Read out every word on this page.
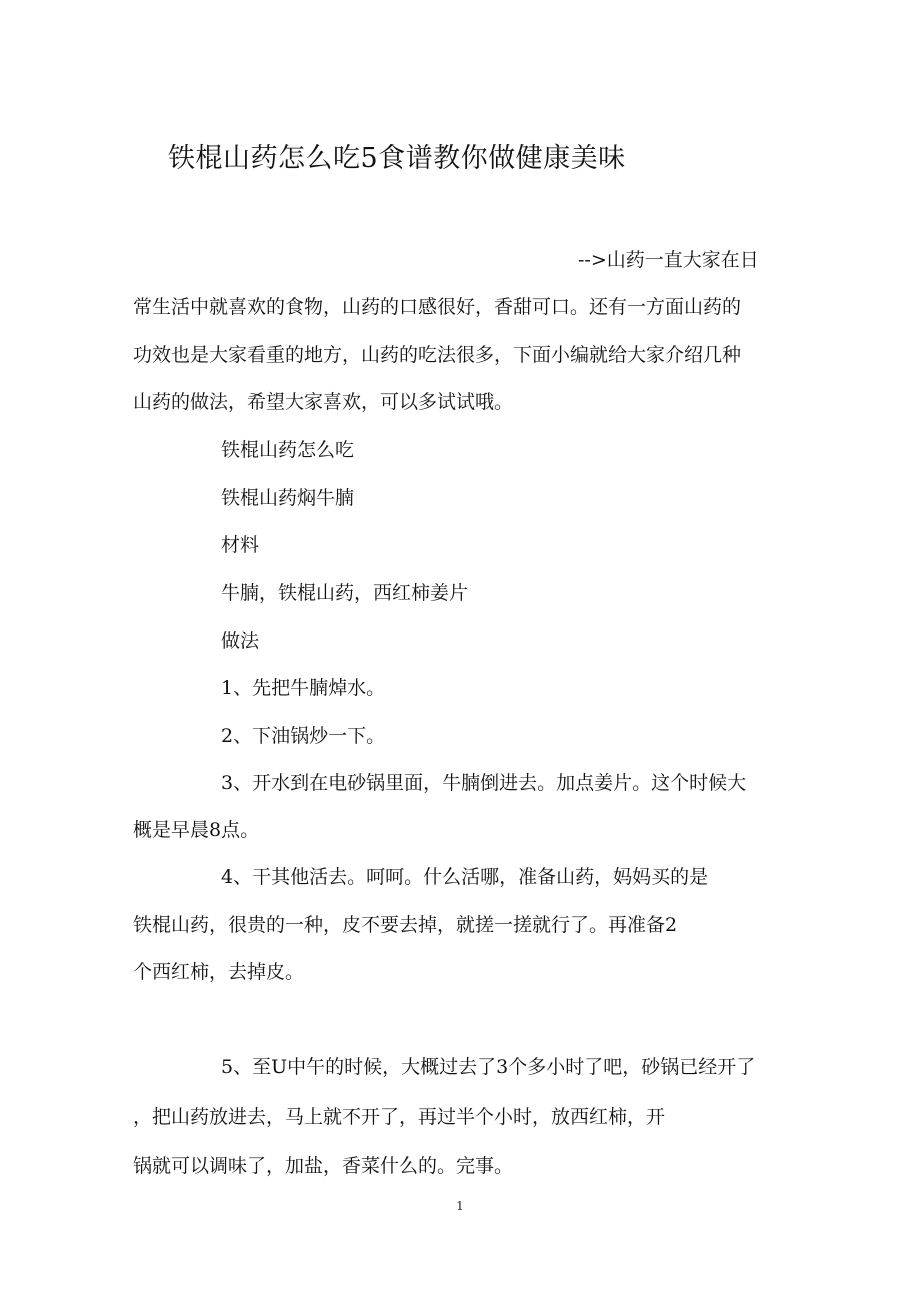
铁棍山药怎么吃5食谱教你做健康美味
-->山药一直大家在日
常生活中就喜欢的食物，山药的口感很好，香甜可口。还有一方面山药的
功效也是大家看重的地方，山药的吃法很多，下面小编就给大家介绍几种
山药的做法，希望大家喜欢，可以多试试哦。
铁棍山药怎么吃
铁棍山药焖牛腩
材料
牛腩，铁棍山药，西红柿姜片
做法
1、先把牛腩焯水。
2、下油锅炒一下。
3、开水到在电砂锅里面，牛腩倒进去。加点姜片。这个时候大
概是早晨8点。
4、干其他活去。呵呵。什么活哪，准备山药，妈妈买的是
铁棍山药，很贵的一种，皮不要去掉，就搓一搓就行了。再准备2
个西红柿，去掉皮。
5、至U中午的时候，大概过去了3个多小时了吧，砂锅已经开了
，把山药放进去，马上就不开了，再过半个小时，放西红柿，开
锅就可以调味了，加盐，香菜什么的。完事。
1
